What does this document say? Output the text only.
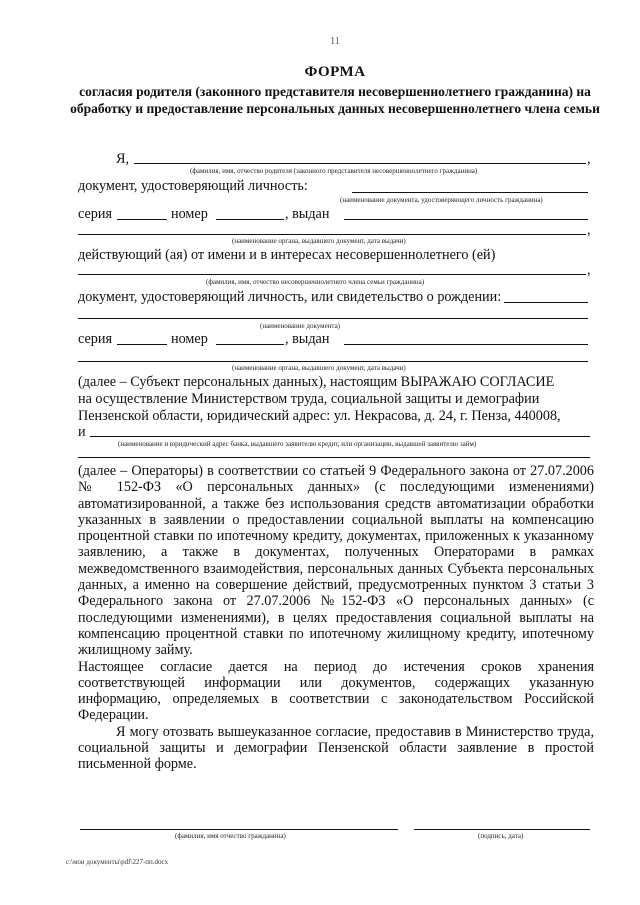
11
ФОРМА
согласия родителя (законного представителя несовершеннолетнего гражданина) на обработку и предоставление персональных данных несовершеннолетнего члена семьи
Я,	,
(фамилия, имя, отчество родителя (законного представителя несовершеннолетнего гражданина)
документ, удостоверяющий личность:
(наименование документа, удостоверяющего личность гражданина)
серия	номер	, выдан
,
(наименование органа, выдавшего документ, дата выдачи)
действующий (ая) от имени и в интересах несовершеннолетнего (ей)
,
(фамилия, имя, отчество несовершеннолетнего члена семьи гражданина)
документ, удостоверяющий личность, или свидетельство о рождении:
(наименование документа)
серия	номер	, выдан
(наименование органа, выдавшего документ, дата выдачи)
(далее – Субъект персональных данных), настоящим ВЫРАЖАЮ СОГЛАСИЕ
на осуществление Министерством труда, социальной защиты и демографии
Пензенской области, юридический адрес: ул. Некрасова, д. 24, г. Пенза, 440008,
и
(наименование и юридический адрес банка, выдавшего заявителю кредит, или организации, выдавшей заявителю займ)

(далее – Операторы) в соответствии со статьей 9 Федерального закона от 27.07.2006 № 152-ФЗ «О персональных данных» (с последующими изменениями) автоматизированной, а также без использования средств автоматизации обработки указанных в заявлении о предоставлении социальной выплаты на компенсацию процентной ставки по ипотечному кредиту, документах, приложенных к указанному заявлению, а также в документах, полученных Операторами в рамках межведомственного взаимодействия, персональных данных Субъекта персональных данных, а именно на совершение действий, предусмотренных пунктом 3 статьи 3 Федерального закона от 27.07.2006 №152-ФЗ «О персональных данных» (с последующими изменениями), в целях предоставления социальной выплаты на компенсацию процентной ставки по ипотечному жилищному кредиту, ипотечному жилищному займу.

Настоящее согласие дается на период до истечения сроков хранения соответствующей информации или документов, содержащих указанную информацию, определяемых в соответствии с законодательством Российской Федерации.

Я могу отозвать вышеуказанное согласие, предоставив в Министерство труда, социальной защиты и демографии Пензенской области заявление в простой письменной форме.

(фамилия, имя отчество гражданина)	(подпись, дата)
c:\мои документы\pdf\227-пп.docx
